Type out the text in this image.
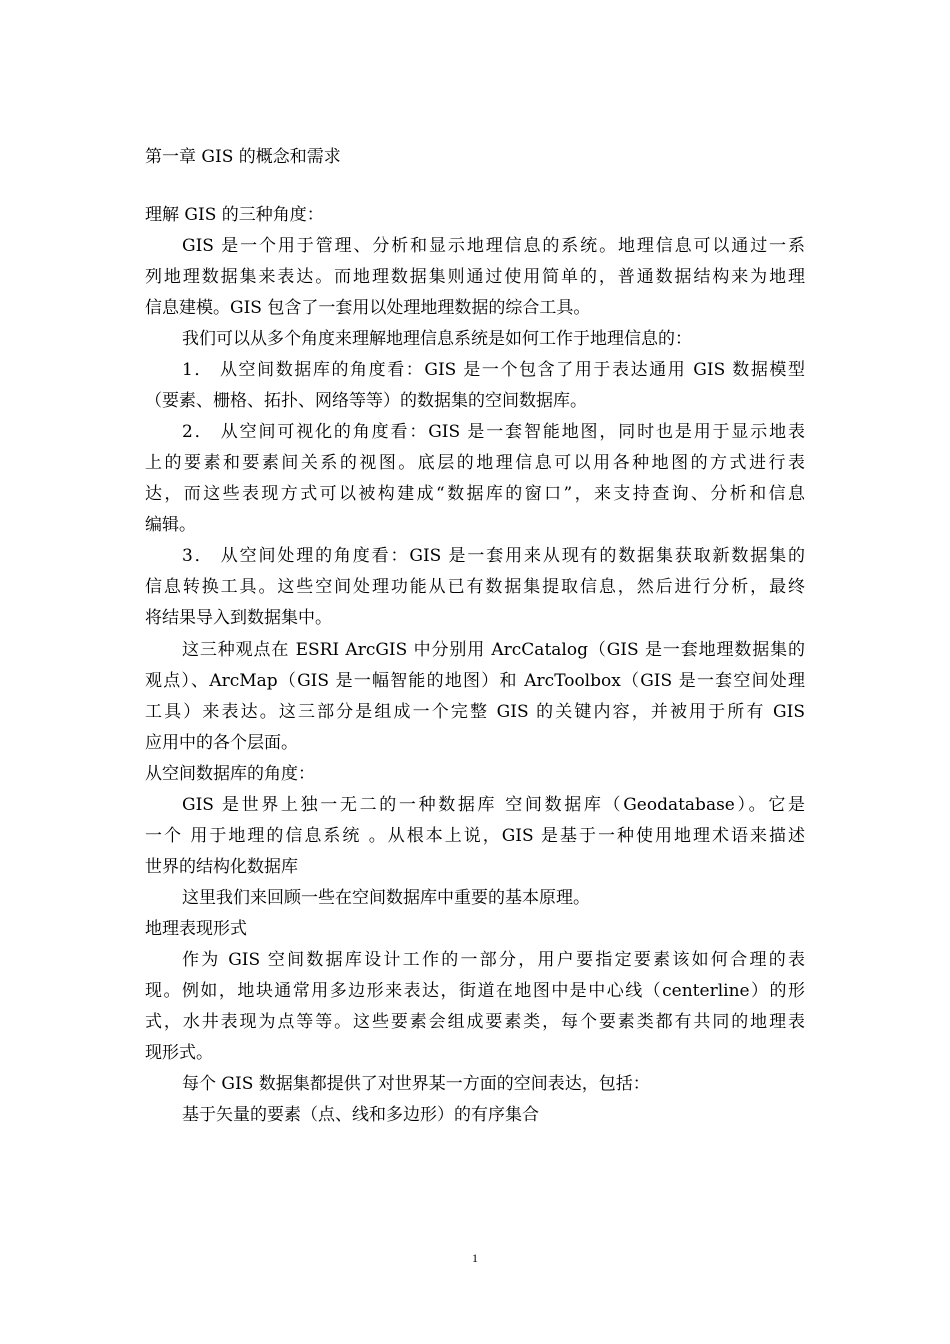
第一章 GIS 的概念和需求
理解 GIS 的三种角度：
GIS 是一个用于管理、分析和显示地理信息的系统。地理信息可以通过一系
列地理数据集来表达。而地理数据集则通过使用简单的，普通数据结构来为地理
信息建模。GIS 包含了一套用以处理地理数据的综合工具。
我们可以从多个角度来理解地理信息系统是如何工作于地理信息的：
1． 从空间数据库的角度看：GIS 是一个包含了用于表达通用 GIS 数据模型
（要素、栅格、拓扑、网络等等）的数据集的空间数据库。
2． 从空间可视化的角度看：GIS 是一套智能地图，同时也是用于显示地表
上的要素和要素间关系的视图。底层的地理信息可以用各种地图的方式进行表
达，而这些表现方式可以被构建成“数据库的窗口”，来支持查询、分析和信息
编辑。
3． 从空间处理的角度看：GIS 是一套用来从现有的数据集获取新数据集的
信息转换工具。这些空间处理功能从已有数据集提取信息，然后进行分析，最终
将结果导入到数据集中。
这三种观点在 ESRI ArcGIS 中分别用 ArcCatalog（GIS 是一套地理数据集的
观点）、ArcMap（GIS 是一幅智能的地图）和 ArcToolbox（GIS 是一套空间处理
工具）来表达。这三部分是组成一个完整 GIS 的关键内容，并被用于所有 GIS
应用中的各个层面。
从空间数据库的角度：
GIS 是世界上独一无二的一种数据库 空间数据库（Geodatabase）。它是
一个 用于地理的信息系统 。从根本上说，GIS 是基于一种使用地理术语来描述
世界的结构化数据库
这里我们来回顾一些在空间数据库中重要的基本原理。
地理表现形式
作为 GIS 空间数据库设计工作的一部分，用户要指定要素该如何合理的表
现。例如，地块通常用多边形来表达，街道在地图中是中心线（centerline）的形
式，水井表现为点等等。这些要素会组成要素类，每个要素类都有共同的地理表
现形式。
每个 GIS 数据集都提供了对世界某一方面的空间表达，包括：
基于矢量的要素（点、线和多边形）的有序集合
1
